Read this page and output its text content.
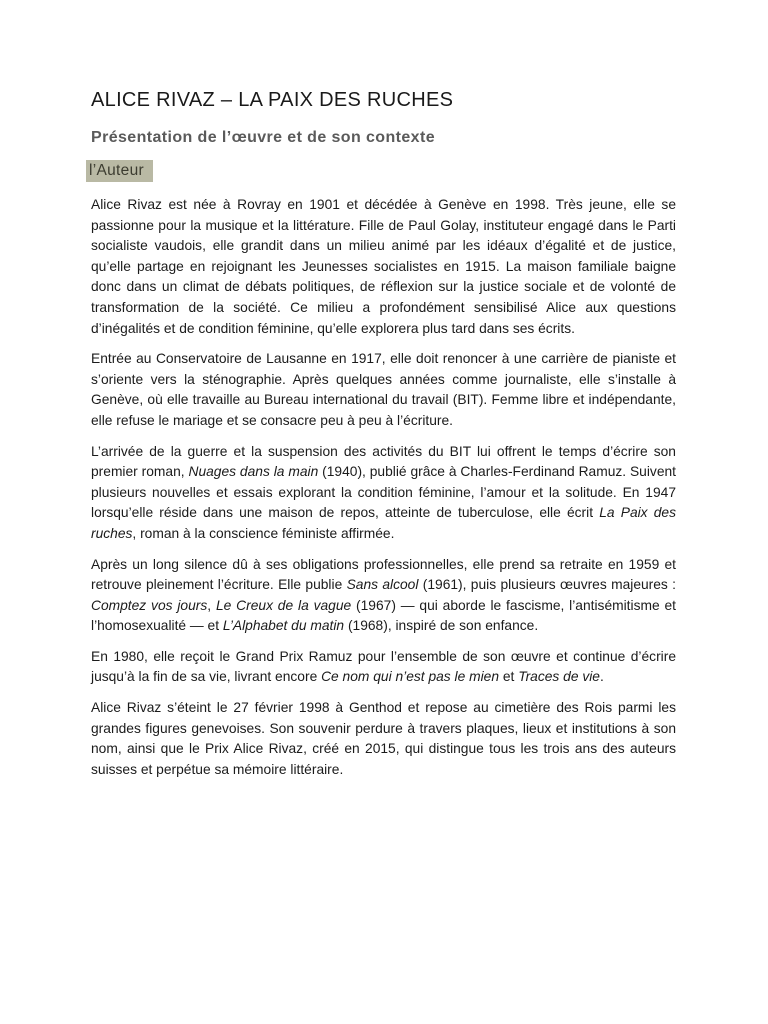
ALICE RIVAZ – LA PAIX DES RUCHES
Présentation de l’œuvre et de son contexte
l’Auteur

Alice Rivaz est née à Rovray en 1901 et décédée à Genève en 1998. Très jeune, elle se passionne pour la musique et la littérature. Fille de Paul Golay, instituteur engagé dans le Parti socialiste vaudois, elle grandit dans un milieu animé par les idéaux d’égalité et de justice, qu’elle partage en rejoignant les Jeunesses socialistes en 1915. La maison familiale baigne donc dans un climat de débats politiques, de réflexion sur la justice sociale et de volonté de transformation de la société. Ce milieu a profondément sensibilisé Alice aux questions d’inégalités et de condition féminine, qu’elle explorera plus tard dans ses écrits.

Entrée au Conservatoire de Lausanne en 1917, elle doit renoncer à une carrière de pianiste et s’oriente vers la sténographie. Après quelques années comme journaliste, elle s’installe à Genève, où elle travaille au Bureau international du travail (BIT). Femme libre et indépendante, elle refuse le mariage et se consacre peu à peu à l’écriture.

L’arrivée de la guerre et la suspension des activités du BIT lui offrent le temps d’écrire son premier roman, Nuages dans la main (1940), publié grâce à Charles-Ferdinand Ramuz. Suivent plusieurs nouvelles et essais explorant la condition féminine, l’amour et la solitude. En 1947 lorsqu’elle réside dans une maison de repos, atteinte de tuberculose, elle écrit La Paix des ruches, roman à la conscience féministe affirmée.

Après un long silence dû à ses obligations professionnelles, elle prend sa retraite en 1959 et retrouve pleinement l’écriture. Elle publie Sans alcool (1961), puis plusieurs œuvres majeures : Comptez vos jours, Le Creux de la vague (1967) — qui aborde le fascisme, l’antisémitisme et l’homosexualité — et L’Alphabet du matin (1968), inspiré de son enfance.

En 1980, elle reçoit le Grand Prix Ramuz pour l’ensemble de son œuvre et continue d’écrire jusqu’à la fin de sa vie, livrant encore Ce nom qui n’est pas le mien et Traces de vie.

Alice Rivaz s’éteint le 27 février 1998 à Genthod et repose au cimetière des Rois parmi les grandes figures genevoises. Son souvenir perdure à travers plaques, lieux et institutions à son nom, ainsi que le Prix Alice Rivaz, créé en 2015, qui distingue tous les trois ans des auteurs suisses et perpétue sa mémoire littéraire.
